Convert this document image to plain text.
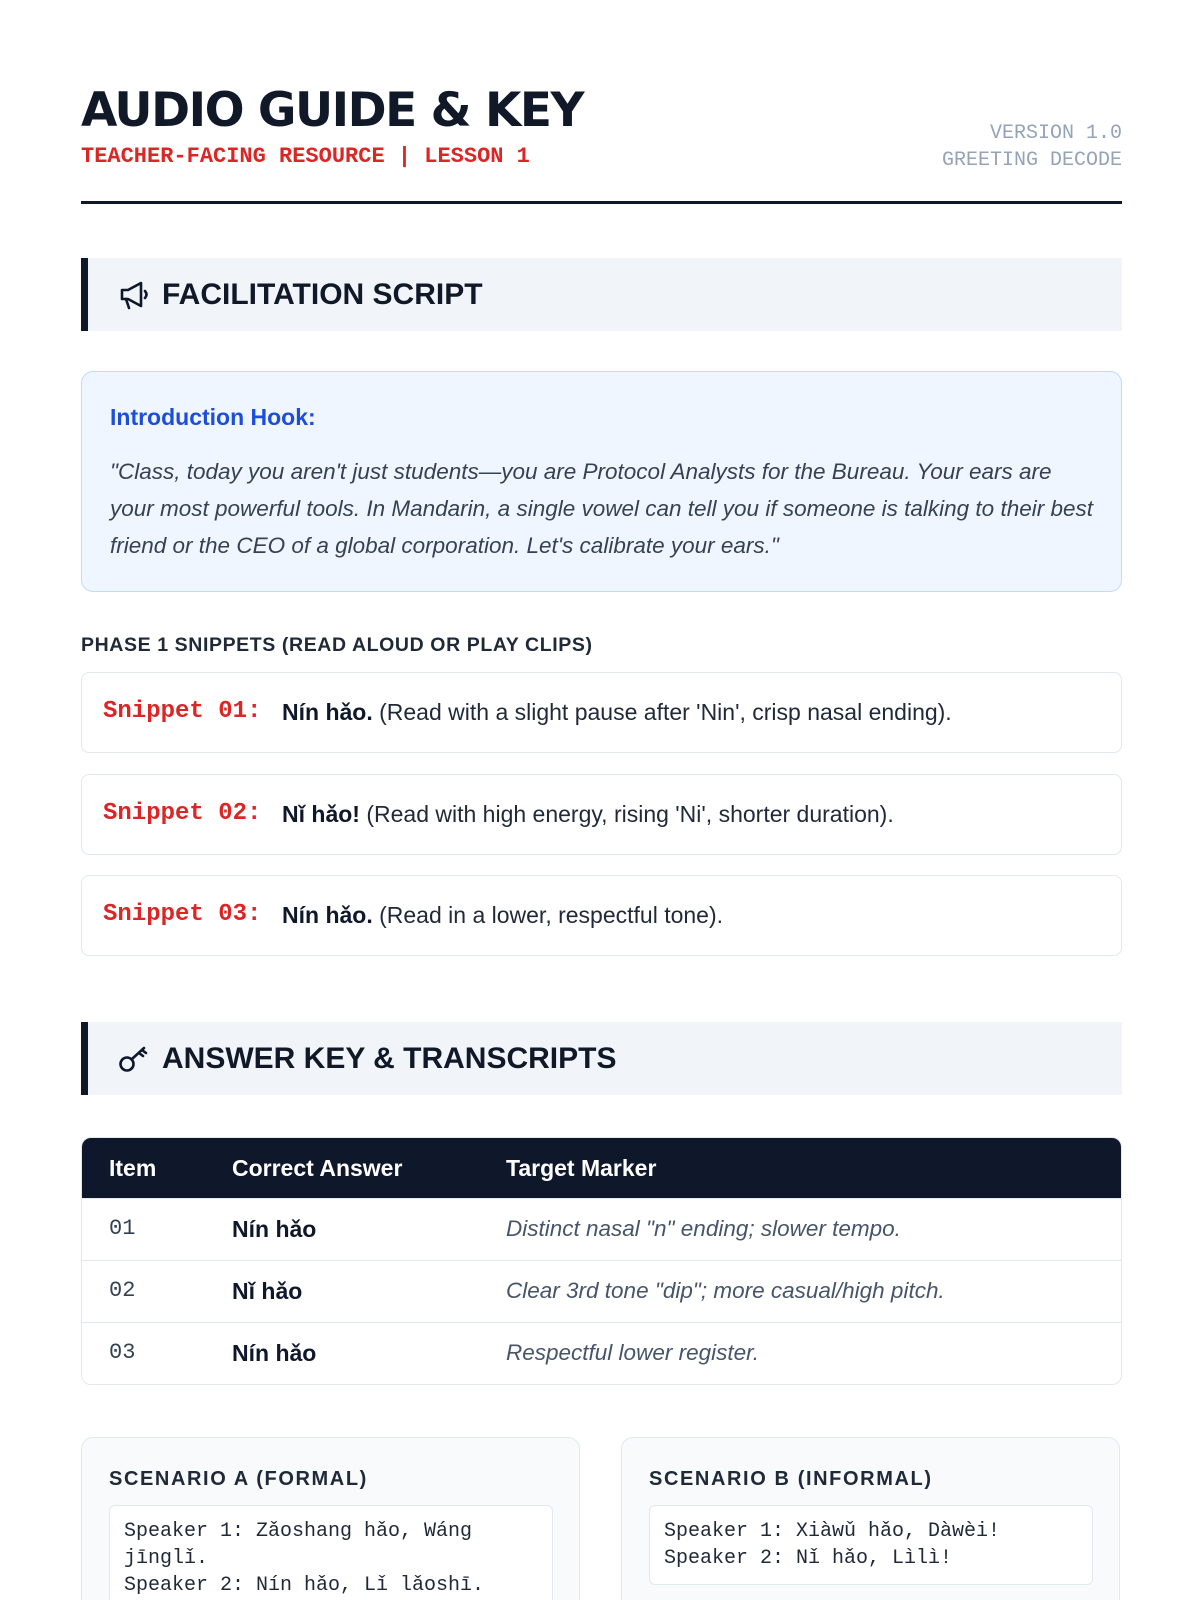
AUDIO GUIDE & KEY
TEACHER-FACING RESOURCE | LESSON 1
VERSION 1.0
GREETING DECODE
FACILITATION SCRIPT
Introduction Hook:
"Class, today you aren't just students—you are Protocol Analysts for the Bureau. Your ears are your most powerful tools. In Mandarin, a single vowel can tell you if someone is talking to their best friend or the CEO of a global corporation. Let's calibrate your ears."
PHASE 1 SNIPPETS (READ ALOUD OR PLAY CLIPS)
Snippet 01: Nín hǎo. (Read with a slight pause after 'Nin', crisp nasal ending).
Snippet 02: Nǐ hǎo! (Read with high energy, rising 'Ni', shorter duration).
Snippet 03: Nín hǎo. (Read in a lower, respectful tone).
ANSWER KEY & TRANSCRIPTS
Item	Correct Answer	Target Marker
01	Nín hǎo	Distinct nasal "n" ending; slower tempo.
02	Nǐ hǎo	Clear 3rd tone "dip"; more casual/high pitch.
03	Nín hǎo	Respectful lower register.
SCENARIO A (FORMAL)
Speaker 1: Zǎoshang hǎo, Wáng jīnglǐ.
Speaker 2: Nín hǎo, Lǐ lǎoshī.
SCENARIO B (INFORMAL)
Speaker 1: Xiàwǔ hǎo, Dàwèi!
Speaker 2: Nǐ hǎo, Lìlì!
